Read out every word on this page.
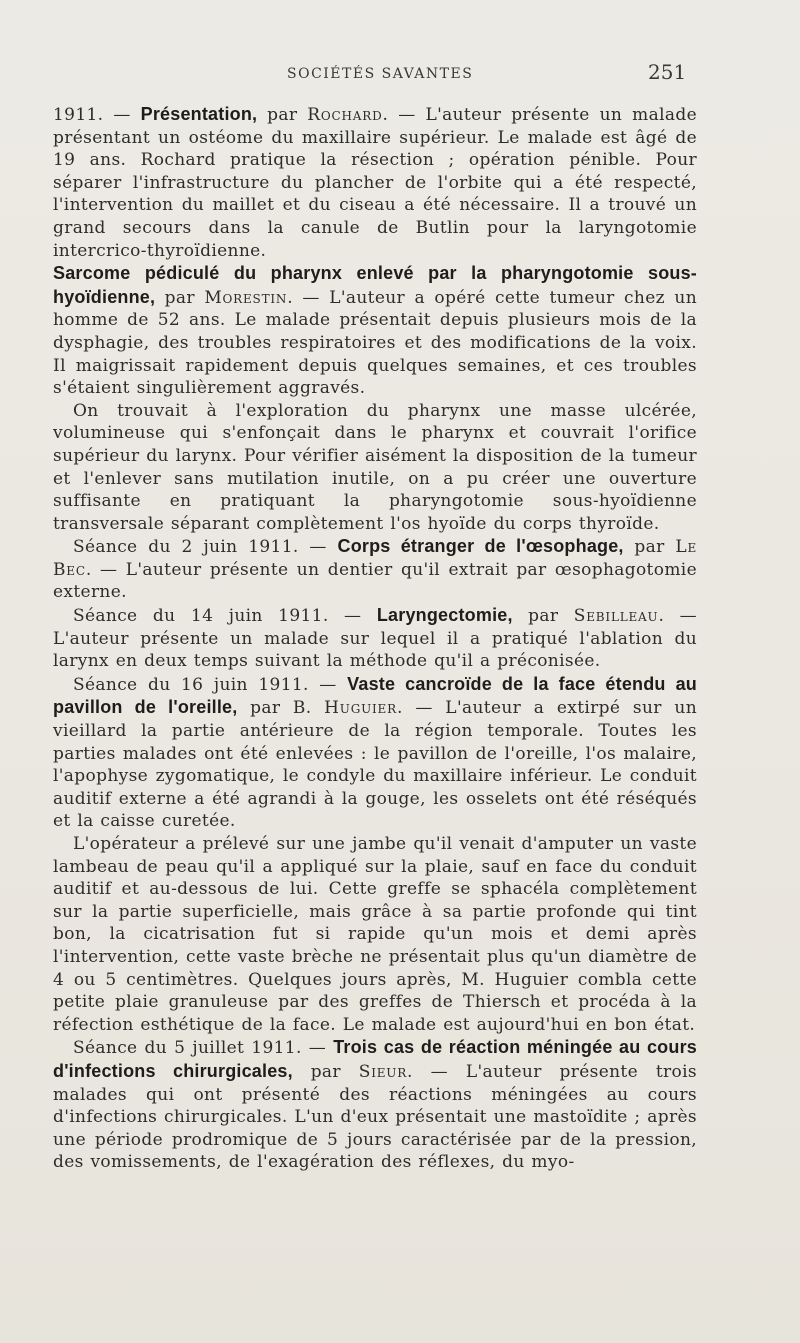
SOCIÉTÉS SAVANTES	251

1911. — Présentation, par Rochard. — L'auteur présente un malade présentant un ostéome du maxillaire supérieur. Le malade est âgé de 19 ans. Rochard pratique la résection ; opération pénible. Pour séparer l'infrastructure du plancher de l'orbite qui a été respecté, l'intervention du maillet et du ciseau a été nécessaire. Il a trouvé un grand secours dans la canule de Butlin pour la laryngotomie intercrico-thyroïdienne.

Sarcome pédiculé du pharynx enlevé par la pharyngotomie sous-hyoïdienne, par Morestin. — L'auteur a opéré cette tumeur chez un homme de 52 ans. Le malade présentait depuis plusieurs mois de la dysphagie, des troubles respiratoires et des modifications de la voix. Il maigrissait rapidement depuis quelques semaines, et ces troubles s'étaient singulièrement aggravés.

On trouvait à l'exploration du pharynx une masse ulcérée, volumineuse qui s'enfonçait dans le pharynx et couvrait l'orifice supérieur du larynx. Pour vérifier aisément la disposition de la tumeur et l'enlever sans mutilation inutile, on a pu créer une ouverture suffisante en pratiquant la pharyngotomie sous-hyoïdienne transversale séparant complètement l'os hyoïde du corps thyroïde.

Séance du 2 juin 1911. — Corps étranger de l'œsophage, par Le Bec. — L'auteur présente un dentier qu'il extrait par œsophagotomie externe.

Séance du 14 juin 1911. — Laryngectomie, par Sebilleau. — L'auteur présente un malade sur lequel il a pratiqué l'ablation du larynx en deux temps suivant la méthode qu'il a préconisée.

Séance du 16 juin 1911. — Vaste cancroïde de la face étendu au pavillon de l'oreille, par B. Huguier. — L'auteur a extirpé sur un vieillard la partie antérieure de la région temporale. Toutes les parties malades ont été enlevées : le pavillon de l'oreille, l'os malaire, l'apophyse zygomatique, le condyle du maxillaire inférieur. Le conduit auditif externe a été agrandi à la gouge, les osselets ont été réséqués et la caisse curetée.

L'opérateur a prélevé sur une jambe qu'il venait d'amputer un vaste lambeau de peau qu'il a appliqué sur la plaie, sauf en face du conduit auditif et au-dessous de lui. Cette greffe se sphacéla complètement sur la partie superficielle, mais grâce à sa partie profonde qui tint bon, la cicatrisation fut si rapide qu'un mois et demi après l'intervention, cette vaste brèche ne présentait plus qu'un diamètre de 4 ou 5 centimètres. Quelques jours après, M. Huguier combla cette petite plaie granuleuse par des greffes de Thiersch et procéda à la réfection esthétique de la face. Le malade est aujourd'hui en bon état.

Séance du 5 juillet 1911. — Trois cas de réaction méningée au cours d'infections chirurgicales, par Sieur. — L'auteur présente trois malades qui ont présenté des réactions méningées au cours d'infections chirurgicales. L'un d'eux présentait une mastoïdite ; après une période prodromique de 5 jours caractérisée par de la pression, des vomissements, de l'exagération des réflexes, du myo-
